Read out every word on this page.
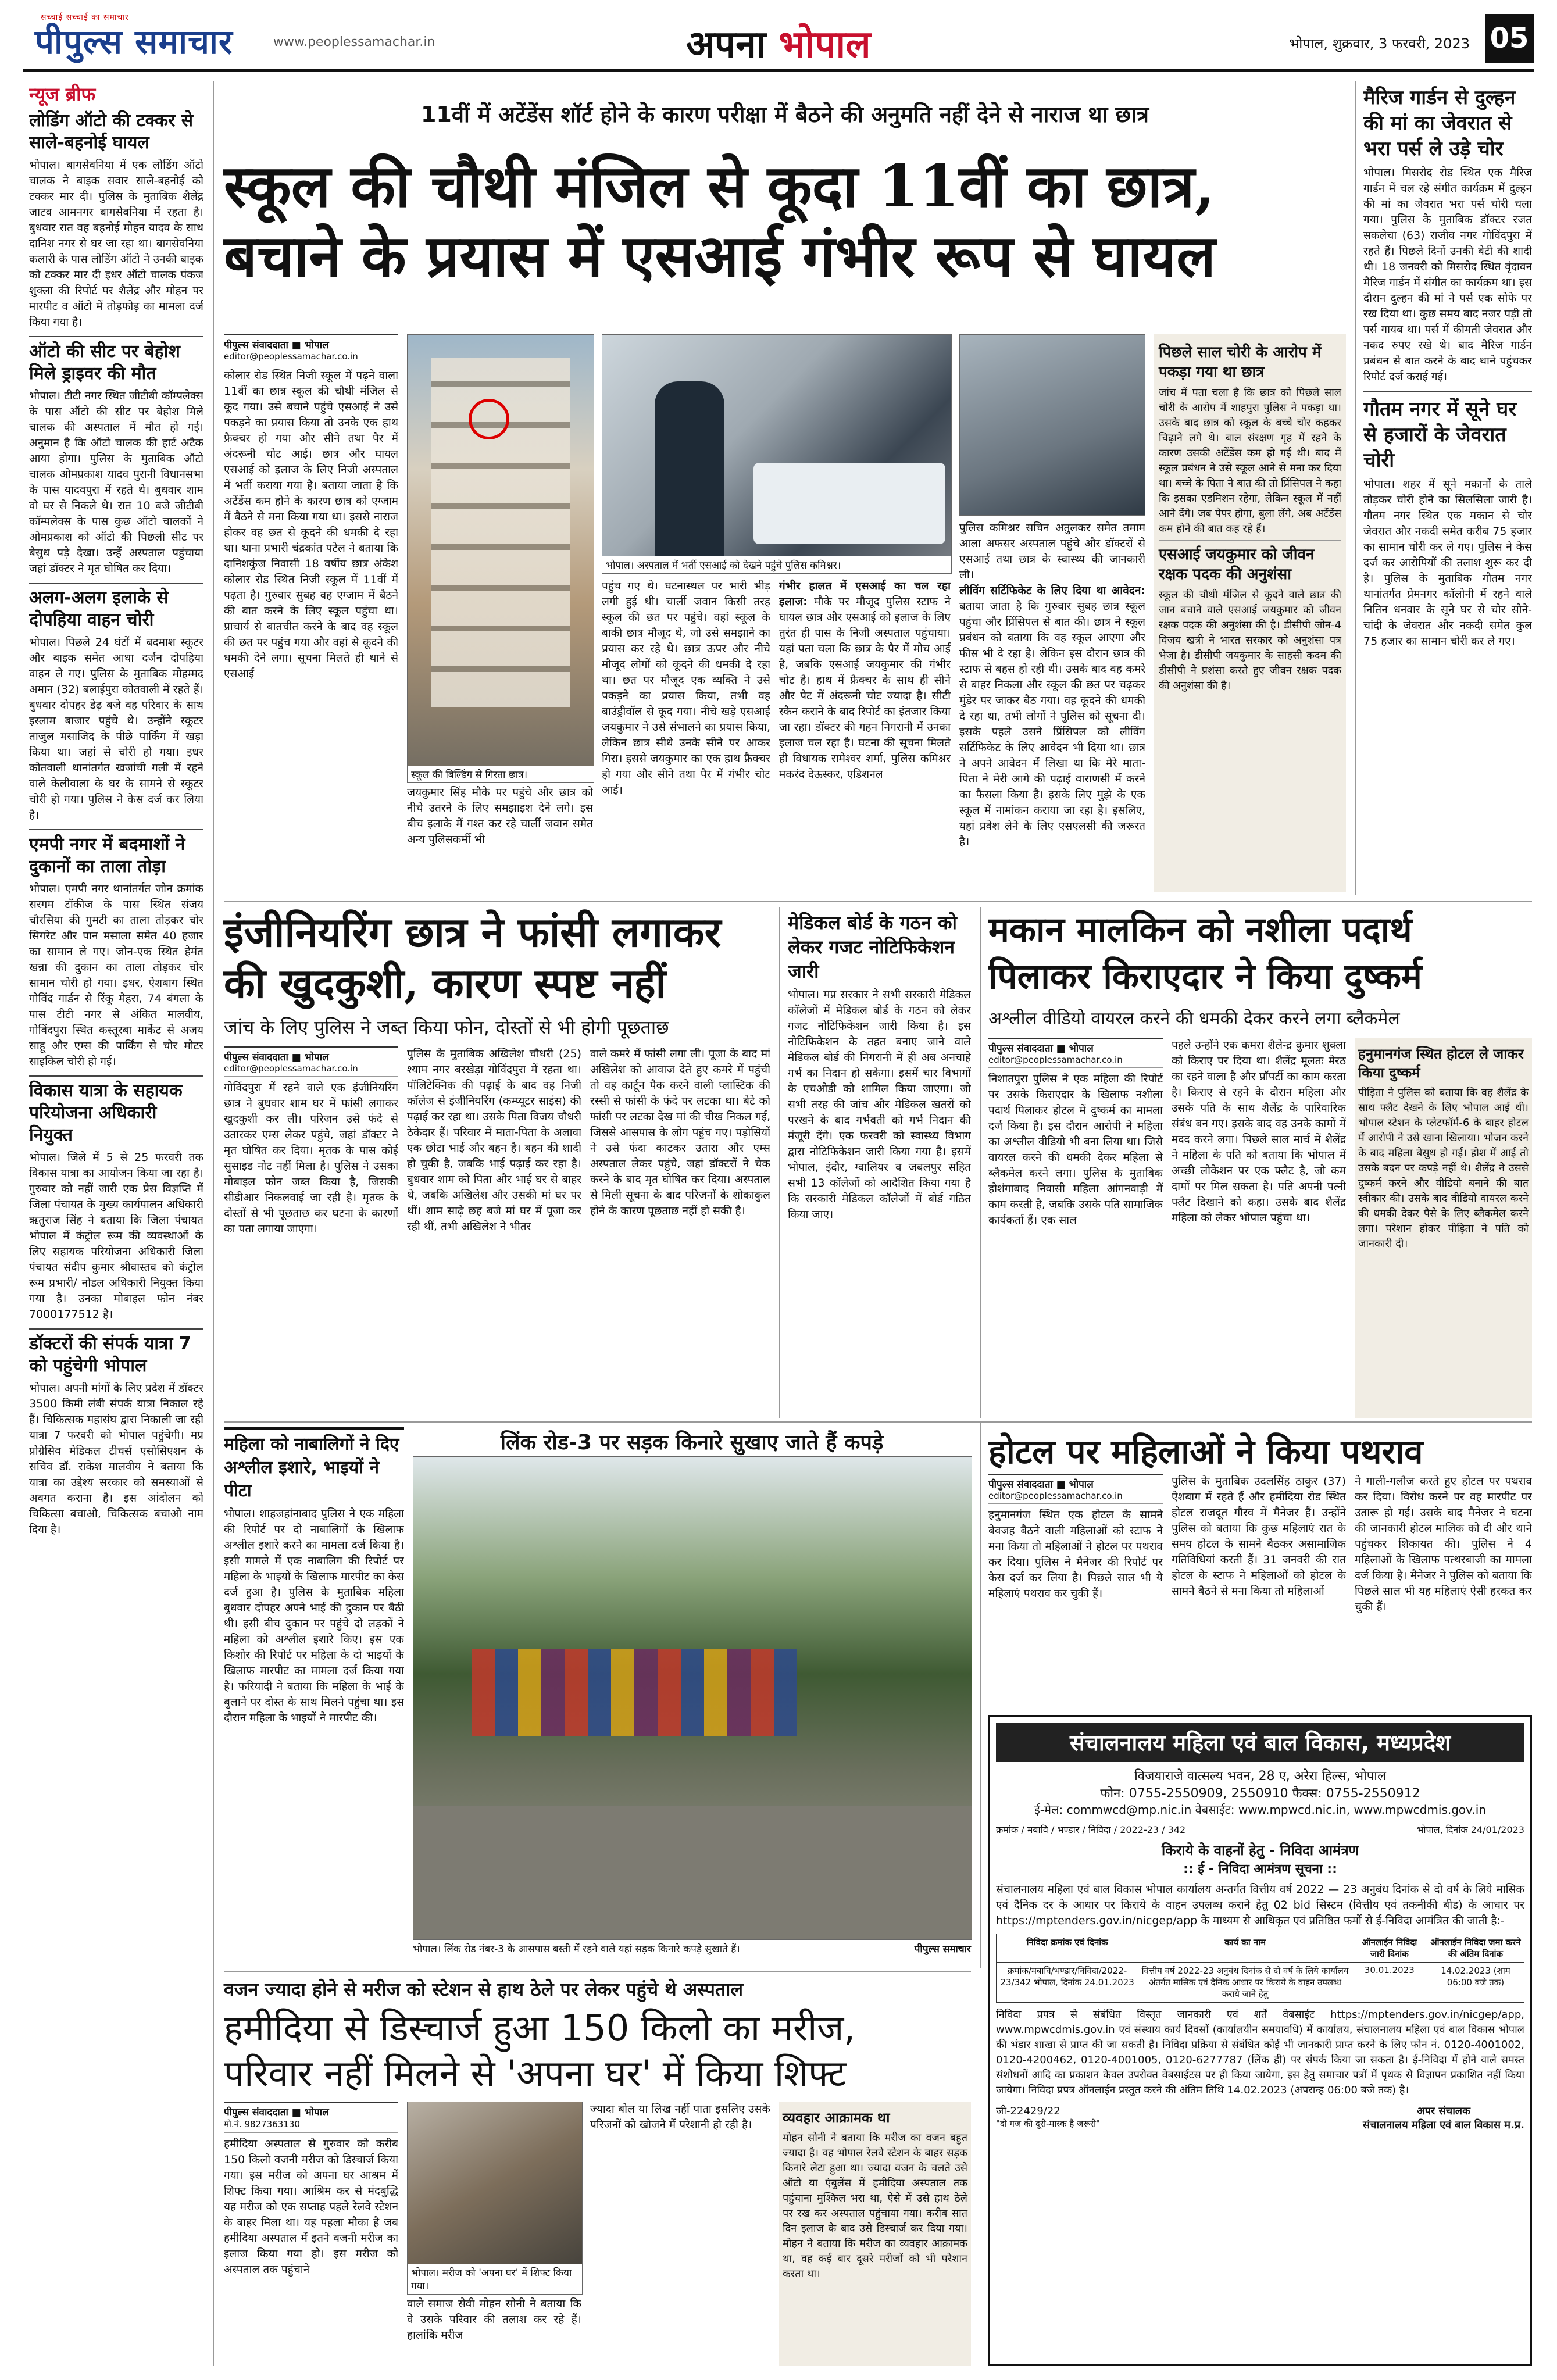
सच्चाई सच्चाई का समाचार
पीपुल्स समाचार	www.peoplessamachar.in	अपना भोपाल	भोपाल, शुक्रवार, 3 फरवरी, 2023 05
न्यूज ब्रीफ
लोडिंग ऑटो की टक्कर से साले-बहनोई घायल

भोपाल। बागसेवनिया में एक लोडिंग ऑटो चालक ने बाइक सवार साले-बहनोई को टक्कर मार दी। पुलिस के मुताबिक शैलेंद्र जाटव आमनगर बागसेवनिया में रहता है। बुधवार रात वह बहनोई मोहन यादव के साथ दानिश नगर से घर जा रहा था। बागसेवनिया कलारी के पास लोडिंग ऑटो ने उनकी बाइक को टक्कर मार दी इधर ऑटो चालक पंकज शुक्ला की रिपोर्ट पर शैलेंद्र और मोहन पर मारपीट व ऑटो में तोड़फोड़ का मामला दर्ज किया गया है।

ऑटो की सीट पर बेहोश मिले ड्राइवर की मौत

भोपाल। टीटी नगर स्थित जीटीबी कॉम्पलेक्स के पास ऑटो की सीट पर बेहोश मिले चालक की अस्पताल में मौत हो गई। अनुमान है कि ऑटो चालक की हार्ट अटैक आया होगा। पुलिस के मुताबिक ऑटो चालक ओमप्रकाश यादव पुरानी विधानसभा के पास यादवपुरा में रहते थे। बुधवार शाम वो घर से निकले थे। रात 10 बजे जीटीबी कॉम्पलेक्स के पास कुछ ऑटो चालकों ने ओमप्रकाश को ऑटो की पिछली सीट पर बेसुध पड़े देखा। उन्हें अस्पताल पहुंचाया जहां डॉक्टर ने मृत घोषित कर दिया।

अलग-अलग इलाके से दोपहिया वाहन चोरी

भोपाल। पिछले 24 घंटों में बदमाश स्कूटर और बाइक समेत आधा दर्जन दोपहिया वाहन ले गए। पुलिस के मुताबिक मोहम्मद अमान (32) बलाईपुरा कोतवाली में रहते हैं। बुधवार दोपहर डेढ़ बजे वह परिवार के साथ इस्लाम बाजार पहुंचे थे। उन्होंने स्कूटर ताजुल मसाजिद के पीछे पार्किंग में खड़ा किया था। जहां से चोरी हो गया। इधर कोतवाली थानांतर्गत खजांची गली में रहने वाले केलीवाला के घर के सामने से स्कूटर चोरी हो गया। पुलिस ने केस दर्ज कर लिया है।

एमपी नगर में बदमाशों ने दुकानों का ताला तोड़ा

भोपाल। एमपी नगर थानांतर्गत जोन क्रमांक सरगम टॉकीज के पास स्थित संजय चौरसिया की गुमटी का ताला तोड़कर चोर सिगरेट और पान मसाला समेत 40 हजार का सामान ले गए। जोन-एक स्थित हेमंत खन्ना की दुकान का ताला तोड़कर चोर सामान चोरी हो गया। इधर, ऐशबाग स्थित गोविंद गार्डन से रिंकू मेहरा, 74 बंगला के पास टीटी नगर से अंकित मालवीय, गोविंदपुरा स्थित कस्तूरबा मार्केट से अजय साहू और एम्स की पार्किंग से चोर मोटर साइकिल चोरी हो गई।

विकास यात्रा के सहायक परियोजना अधिकारी नियुक्त

भोपाल। जिले में 5 से 25 फरवरी तक विकास यात्रा का आयोजन किया जा रहा है। गुरुवार को नहीं जारी एक प्रेस विज्ञप्ति में जिला पंचायत के मुख्य कार्यपालन अधिकारी ऋतुराज सिंह ने बताया कि जिला पंचायत भोपाल में कंट्रोल रूम की व्यवस्थाओं के लिए सहायक परियोजना अधिकारी जिला पंचायत संदीप कुमार श्रीवास्तव को कंट्रोल रूम प्रभारी/ नोडल अधिकारी नियुक्त किया गया है। उनका मोबाइल फोन नंबर 7000177512 है।

डॉक्टरों की संपर्क यात्रा 7 को पहुंचेगी भोपाल

भोपाल। अपनी मांगों के लिए प्रदेश में डॉक्टर 3500 किमी लंबी संपर्क यात्रा निकाल रहे हैं। चिकित्सक महासंघ द्वारा निकाली जा रही यात्रा 7 फरवरी को भोपाल पहुंचेगी। मप्र प्रोग्रेसिव मेडिकल टीचर्स एसोसिएशन के सचिव डॉ. राकेश मालवीय ने बताया कि यात्रा का उद्देश्य सरकार को समस्याओं से अवगत कराना है। इस आंदोलन को चिकित्सा बचाओ, चिकित्सक बचाओ नाम दिया है।

11वीं में अटेंडेंस शॉर्ट होने के कारण परीक्षा में बैठने की अनुमति नहीं देने से नाराज था छात्र
स्कूल की चौथी मंजिल से कूदा 11वीं का छात्र,
बचाने के प्रयास में एसआई गंभीर रूप से घायल
पीपुल्स संवाददाता ■ भोपाल
editor@peoplessamachar.co.in

कोलार रोड स्थित निजी स्कूल में पढ़ने वाला 11वीं का छात्र स्कूल की चौथी मंजिल से कूद गया। उसे बचाने पहुंचे एसआई ने उसे पकड़ने का प्रयास किया तो उनके एक हाथ फ्रैक्चर हो गया और सीने तथा पैर में अंदरूनी चोट आई। छात्र और घायल एसआई को इलाज के लिए निजी अस्पताल में भर्ती कराया गया है। बताया जाता है कि अटेंडेंस कम होने के कारण छात्र को एग्जाम में बैठने से मना किया गया था। इससे नाराज होकर वह छत से कूदने की धमकी दे रहा था। थाना प्रभारी चंद्रकांत पटेल ने बताया कि दानिशकुंज निवासी 18 वर्षीय छात्र अंकेश कोलार रोड स्थित निजी स्कूल में 11वीं में पढ़ता है। गुरुवार सुबह वह एग्जाम में बैठने की बात करने के लिए स्कूल पहुंचा था। प्राचार्य से बातचीत करने के बाद वह स्कूल की छत पर पहुंच गया और वहां से कूदने की धमकी देने लगा। सूचना मिलते ही थाने से एसआई

स्कूल की बिल्डिंग से गिरता छात्र।

जयकुमार सिंह मौके पर पहुंचे और छात्र को नीचे उतरने के लिए समझाइश देने लगे। इस बीच इलाके में गश्त कर रहे चार्ली जवान समेत अन्य पुलिसकर्मी भी

भोपाल। अस्पताल में भर्ती एसआई को देखने पहुंचे पुलिस कमिश्नर।

पहुंच गए थे। घटनास्थल पर भारी भीड़ लगी हुई थी। चार्ली जवान किसी तरह स्कूल की छत पर पहुंचे। वहां स्कूल के बाकी छात्र मौजूद थे, जो उसे समझाने का प्रयास कर रहे थे। छात्र ऊपर और नीचे मौजूद लोगों को कूदने की धमकी दे रहा था। छत पर मौजूद एक व्यक्ति ने उसे पकड़ने का प्रयास किया, तभी वह बाउंड्रीवॉल से कूद गया। नीचे खड़े एसआई जयकुमार ने उसे संभालने का प्रयास किया, लेकिन छात्र सीधे उनके सीने पर आकर गिरा। इससे जयकुमार का एक हाथ फ्रैक्चर हो गया और सीने तथा पैर में गंभीर चोट आई।

गंभीर हालत में एसआई का चल रहा इलाज: मौके पर मौजूद पुलिस स्टाफ ने घायल छात्र और एसआई को इलाज के लिए तुरंत ही पास के निजी अस्पताल पहुंचाया। यहां पता चला कि छात्र के पैर में मोच आई है, जबकि एसआई जयकुमार की गंभीर चोट है। हाथ में फ्रैक्चर के साथ ही सीने और पेट में अंदरूनी चोट ज्यादा है। सीटी स्कैन कराने के बाद रिपोर्ट का इंतजार किया जा रहा। डॉक्टर की गहन निगरानी में उनका इलाज चल रहा है। घटना की सूचना मिलते ही विधायक रामेश्वर शर्मा, पुलिस कमिश्नर मकरंद देऊस्कर, एडिशनल

पुलिस कमिश्नर सचिन अतुलकर समेत तमाम आला अफसर अस्पताल पहुंचे और डॉक्टरों से एसआई तथा छात्र के स्वास्थ्य की जानकारी ली।

लीविंग सर्टिफिकेट के लिए दिया था आवेदन: बताया जाता है कि गुरुवार सुबह छात्र स्कूल पहुंचा और प्रिंसिपल से बात की। छात्र ने स्कूल प्रबंधन को बताया कि वह स्कूल आएगा और फीस भी दे रहा है। लेकिन इस दौरान छात्र की स्टाफ से बहस हो रही थी। उसके बाद वह कमरे से बाहर निकला और स्कूल की छत पर चढ़कर मुंडेर पर जाकर बैठ गया। वह कूदने की धमकी दे रहा था, तभी लोगों ने पुलिस को सूचना दी। इसके पहले उसने प्रिंसिपल को लीविंग सर्टिफिकेट के लिए आवेदन भी दिया था। छात्र ने अपने आवेदन में लिखा था कि मेरे माता-पिता ने मेरी आगे की पढ़ाई वाराणसी में करने का फैसला किया है। इसके लिए मुझे के एक स्कूल में नामांकन कराया जा रहा है। इसलिए, यहां प्रवेश लेने के लिए एसएलसी की जरूरत है।

पिछले साल चोरी के आरोप में पकड़ा गया था छात्र

जांच में पता चला है कि छात्र को पिछले साल चोरी के आरोप में शाहपुरा पुलिस ने पकड़ा था। उसके बाद छात्र को स्कूल के बच्चे चोर कहकर चिढ़ाने लगे थे। बाल संरक्षण गृह में रहने के कारण उसकी अटेंडेंस कम हो गई थी। बाद में स्कूल प्रबंधन ने उसे स्कूल आने से मना कर दिया था। बच्चे के पिता ने बात की तो प्रिंसिपल ने कहा कि इसका एडमिशन रहेगा, लेकिन स्कूल में नहीं आने देंगे। जब पेपर होगा, बुला लेंगे, अब अटेंडेंस कम होने की बात कह रहे हैं।

एसआई जयकुमार को जीवन रक्षक पदक की अनुशंसा

स्कूल की चौथी मंजिल से कूदने वाले छात्र की जान बचाने वाले एसआई जयकुमार को जीवन रक्षक पदक की अनुशंसा की है। डीसीपी जोन-4 विजय खत्री ने भारत सरकार को अनुशंसा पत्र भेजा है। डीसीपी जयकुमार के साहसी कदम की डीसीपी ने प्रशंसा करते हुए जीवन रक्षक पदक की अनुशंसा की है।

मैरिज गार्डन से दुल्हन की मां का जेवरात से भरा पर्स ले उड़े चोर

भोपाल। मिसरोद रोड स्थित एक मैरिज गार्डन में चल रहे संगीत कार्यक्रम में दुल्हन की मां का जेवरात भरा पर्स चोरी चला गया। पुलिस के मुताबिक डॉक्टर रजत सकलेचा (63) राजीव नगर गोविंदपुरा में रहते हैं। पिछले दिनों उनकी बेटी की शादी थी। 18 जनवरी को मिसरोद स्थित वृंदावन मैरिज गार्डन में संगीत का कार्यक्रम था। इस दौरान दुल्हन की मां ने पर्स एक सोफे पर रख दिया था। कुछ समय बाद नजर पड़ी तो पर्स गायब था। पर्स में कीमती जेवरात और नकद रुपए रखे थे। बाद मैरिज गार्डन प्रबंधन से बात करने के बाद थाने पहुंचकर रिपोर्ट दर्ज कराई गई।

गौतम नगर में सूने घर से हजारों के जेवरात चोरी

भोपाल। शहर में सूने मकानों के ताले तोड़कर चोरी होने का सिलसिला जारी है। गौतम नगर स्थित एक मकान से चोर जेवरात और नकदी समेत करीब 75 हजार का सामान चोरी कर ले गए। पुलिस ने केस दर्ज कर आरोपियों की तलाश शुरू कर दी है। पुलिस के मुताबिक गौतम नगर थानांतर्गत प्रेमनगर कॉलोनी में रहने वाले नितिन धनवार के सूने घर से चोर सोने-चांदी के जेवरात और नकदी समेत कुल 75 हजार का सामान चोरी कर ले गए।

इंजीनियरिंग छात्र ने फांसी लगाकर
की खुदकुशी, कारण स्पष्ट नहीं
जांच के लिए पुलिस ने जब्त किया फोन, दोस्तों से भी होगी पूछताछ
पीपुल्स संवाददाता ■ भोपाल
editor@peoplessamachar.co.in

गोविंदपुरा में रहने वाले एक इंजीनियरिंग छात्र ने बुधवार शाम घर में फांसी लगाकर खुदकुशी कर ली। परिजन उसे फंदे से उतारकर एम्स लेकर पहुंचे, जहां डॉक्टर ने मृत घोषित कर दिया। मृतक के पास कोई सुसाइड नोट नहीं मिला है। पुलिस ने उसका मोबाइल फोन जब्त किया है, जिसकी सीडीआर निकलवाई जा रही है। मृतक के दोस्तों से भी पूछताछ कर घटना के कारणों का पता लगाया जाएगा।

पुलिस के मुताबिक अखिलेश चौधरी (25) श्याम नगर बरखेड़ा गोविंदपुरा में रहता था। पॉलिटेक्निक की पढ़ाई के बाद वह निजी कॉलेज से इंजीनियरिंग (कम्प्यूटर साइंस) की पढ़ाई कर रहा था। उसके पिता विजय चौधरी ठेकेदार हैं। परिवार में माता-पिता के अलावा एक छोटा भाई और बहन है। बहन की शादी हो चुकी है, जबकि भाई पढ़ाई कर रहा है। बुधवार शाम को पिता और भाई घर से बाहर थे, जबकि अखिलेश और उसकी मां घर पर थीं। शाम साढ़े छह बजे मां घर में पूजा कर रही थीं, तभी अखिलेश ने भीतर

वाले कमरे में फांसी लगा ली। पूजा के बाद मां अखिलेश को आवाज देते हुए कमरे में पहुंची तो वह कार्टून पैक करने वाली प्लास्टिक की रस्सी से फांसी के फंदे पर लटका था। बेटे को फांसी पर लटका देख मां की चीख निकल गई, जिससे आसपास के लोग पहुंच गए। पड़ोसियों ने उसे फंदा काटकर उतारा और एम्स अस्पताल लेकर पहुंचे, जहां डॉक्टरों ने चेक करने के बाद मृत घोषित कर दिया। अस्पताल से मिली सूचना के बाद परिजनों के शोकाकुल होने के कारण पूछताछ नहीं हो सकी है।

मेडिकल बोर्ड के गठन को लेकर गजट नोटिफिकेशन जारी

भोपाल। मप्र सरकार ने सभी सरकारी मेडिकल कॉलेजों में मेडिकल बोर्ड के गठन को लेकर गजट नोटिफिकेशन जारी किया है। इस नोटिफिकेशन के तहत बनाए जाने वाले मेडिकल बोर्ड की निगरानी में ही अब अनचाहे गर्भ का निदान हो सकेगा। इसमें चार विभागों के एचओडी को शामिल किया जाएगा। जो सभी तरह की जांच और मेडिकल खतरों को परखने के बाद गर्भवती को गर्भ निदान की मंजूरी देंगे। एक फरवरी को स्वास्थ्य विभाग द्वारा नोटिफिकेशन जारी किया गया है। इसमें भोपाल, इंदौर, ग्वालियर व जबलपुर सहित सभी 13 कॉलेजों को आदेशित किया गया है कि सरकारी मेडिकल कॉलेजों में बोर्ड गठित किया जाए।

मकान मालकिन को नशीला पदार्थ
पिलाकर किराएदार ने किया दुष्कर्म
अश्लील वीडियो वायरल करने की धमकी देकर करने लगा ब्लैकमेल
पीपुल्स संवाददाता ■ भोपाल
editor@peoplessamachar.co.in

निशातपुरा पुलिस ने एक महिला की रिपोर्ट पर उसके किराएदार के खिलाफ नशीला पदार्थ पिलाकर होटल में दुष्कर्म का मामला दर्ज किया है। इस दौरान आरोपी ने महिला का अश्लील वीडियो भी बना लिया था। जिसे वायरल करने की धमकी देकर महिला से ब्लैकमेल करने लगा। पुलिस के मुताबिक होशंगाबाद निवासी महिला आंगनवाड़ी में काम करती है, जबकि उसके पति सामाजिक कार्यकर्ता हैं। एक साल

पहले उन्होंने एक कमरा शैलेन्द्र कुमार शुक्ला को किराए पर दिया था। शैलेंद्र मूलतः मेरठ का रहने वाला है और प्रॉपर्टी का काम करता है। किराए से रहने के दौरान महिला और उसके पति के साथ शैलेंद्र के पारिवारिक संबंध बन गए। इसके बाद वह उनके कामों में मदद करने लगा। पिछले साल मार्च में शैलेंद्र ने महिला के पति को बताया कि भोपाल में अच्छी लोकेशन पर एक फ्लैट है, जो कम दामों पर मिल सकता है। पति अपनी पत्नी फ्लैट दिखाने को कहा। उसके बाद शैलेंद्र महिला को लेकर भोपाल पहुंचा था।

हनुमानगंज स्थित होटल ले जाकर किया दुष्कर्म

पीड़िता ने पुलिस को बताया कि वह शैलेंद्र के साथ फ्लैट देखने के लिए भोपाल आई थी। भोपाल स्टेशन के प्लेटफॉर्म-6 के बाहर होटल में आरोपी ने उसे खाना खिलाया। भोजन करने के बाद महिला बेसुध हो गई। होश में आई तो उसके बदन पर कपड़े नहीं थे। शैलेंद्र ने उससे दुष्कर्म करने और वीडियो बनाने की बात स्वीकार की। उसके बाद वीडियो वायरल करने की धमकी देकर पैसे के लिए ब्लैकमेल करने लगा। परेशान होकर पीड़िता ने पति को जानकारी दी।

महिला को नाबालिगों ने दिए अश्लील इशारे, भाइयों ने पीटा

भोपाल। शाहजहांनाबाद पुलिस ने एक महिला की रिपोर्ट पर दो नाबालिगों के खिलाफ अश्लील इशारे करने का मामला दर्ज किया है। इसी मामले में एक नाबालिग की रिपोर्ट पर महिला के भाइयों के खिलाफ मारपीट का केस दर्ज हुआ है। पुलिस के मुताबिक महिला बुधवार दोपहर अपने भाई की दुकान पर बैठी थी। इसी बीच दुकान पर पहुंचे दो लड़कों ने महिला को अश्लील इशारे किए। इस एक किशोर की रिपोर्ट पर महिला के दो भाइयों के खिलाफ मारपीट का मामला दर्ज किया गया है। फरियादी ने बताया कि महिला के भाई के बुलाने पर दोस्त के साथ मिलने पहुंचा था। इस दौरान महिला के भाइयों ने मारपीट की।

लिंक रोड-3 पर सड़क किनारे सुखाए जाते हैं कपड़े
भोपाल। लिंक रोड नंबर-3 के आसपास बस्ती में रहने वाले यहां सड़क किनारे कपड़े सुखाते हैं।	पीपुल्स समाचार
होटल पर महिलाओं ने किया पथराव
पीपुल्स संवाददाता ■ भोपाल
editor@peoplessamachar.co.in

हनुमानगंज स्थित एक होटल के सामने बेवजह बैठने वाली महिलाओं को स्टाफ ने मना किया तो महिलाओं ने होटल पर पथराव कर दिया। पुलिस ने मैनेजर की रिपोर्ट पर केस दर्ज कर लिया है। पिछले साल भी ये महिलाएं पथराव कर चुकी हैं।

पुलिस के मुताबिक उदलसिंह ठाकुर (37) ऐशबाग में रहते हैं और हमीदिया रोड स्थित होटल राजदूत गौरव में मैनेजर हैं। उन्होंने पुलिस को बताया कि कुछ महिलाएं रात के समय होटल के सामने बैठकर असामाजिक गतिविधियां करती हैं। 31 जनवरी की रात होटल के स्टाफ ने महिलाओं को होटल के सामने बैठने से मना किया तो महिलाओं

ने गाली-गलौज करते हुए होटल पर पथराव कर दिया। विरोध करने पर वह मारपीट पर उतारू हो गईं। उसके बाद मैनेजर ने घटना की जानकारी होटल मालिक को दी और थाने पहुंचकर शिकायत की। पुलिस ने 4 महिलाओं के खिलाफ पत्थरबाजी का मामला दर्ज किया है। मैनेजर ने पुलिस को बताया कि पिछले साल भी यह महिलाएं ऐसी हरकत कर चुकी हैं।

संचालनालय महिला एवं बाल विकास, मध्यप्रदेश
विजयाराजे वात्सल्य भवन, 28 ए, अरेरा हिल्स, भोपाल
फोन: 0755-2550909, 2550910 फैक्स: 0755-2550912
ई-मेल: commwcd@mp.nic.in वेबसाईट: www.mpwcd.nic.in, www.mpwcdmis.gov.in
क्रमांक / मबावि / भण्डार / निविदा / 2022-23 / 342	भोपाल, दिनांक 24/01/2023
किराये के वाहनों हेतु - निविदा आमंत्रण
:: ई - निविदा आमंत्रण सूचना ::

संचालनालय महिला एवं बाल विकास भोपाल कार्यालय अन्तर्गत वित्तीय वर्ष 2022 — 23 अनुबंध दिनांक से दो वर्ष के लिये मासिक एवं दैनिक दर के आधार पर किराये के वाहन उपलब्ध कराने हेतु 02 bid सिस्टम (वित्तीय एवं तकनीकी बीड) के आधार पर https://mptenders.gov.in/nicgep/app के माध्यम से आधिकृत एवं प्रतिष्ठित फर्मो से ई-निविदा आमंत्रित की जाती है:-

निविदा क्रमांक एवं दिनांक	कार्य का नाम	ऑनलाईन निविदा जारी दिनांक	ऑनलाईन निविदा जमा करने की अंतिम दिनांक
क्रमांक/मबावि/भण्डार/निविदा/2022-23/342 भोपाल, दिनांक 24.01.2023	वित्तीय वर्ष 2022-23 अनुबंध दिनांक से दो वर्ष के लिये कार्यालय अंतर्गत मासिक एवं दैनिक आधार पर किराये के वाहन उपलब्ध कराये जाने हेतु	30.01.2023	14.02.2023 (शाम 06:00 बजे तक)

निविदा प्रपत्र से संबंधित विस्तृत जानकारी एवं शर्तें वेबसाईट https://mptenders.gov.in/nicgep/app, www.mpwcdmis.gov.in एवं संस्थाय कार्य दिवसों (कार्यालयीन समयावधि) में कार्यालय, संचालनालय महिला एवं बाल विकास भोपाल की भंडार शाखा से प्राप्त की जा सकती है। निविदा प्रक्रिया से संबंधित कोई भी जानकारी प्राप्त करने के लिए फोन नं. 0120-4001002, 0120-4200462, 0120-4001005, 0120-6277787 (लिंक ही) पर संपर्क किया जा सकता है। ई-निविदा में होने वाले समस्त संशोधनों आदि का प्रकाशन केवल उपरोक्त वेबसाईटस पर ही किया जायेगा, इस हेतु समाचार पत्रों में पृथक से विज्ञापन प्रकाशित नहीं किया जायेगा। निविदा प्रपत्र ऑनलाईन प्रस्तुत करने की अंतिम तिथि 14.02.2023 (अपरान्ह 06:00 बजे तक) है।

जी-22429/22
"दो गज की दूरी-मास्क है जरूरी"
अपर संचालक
संचालनालय महिला एवं बाल विकास म.प्र.
वजन ज्यादा होने से मरीज को स्टेशन से हाथ ठेले पर लेकर पहुंचे थे अस्पताल
हमीदिया से डिस्चार्ज हुआ 150 किलो का मरीज,
परिवार नहीं मिलने से 'अपना घर' में किया शिफ्ट
पीपुल्स संवाददाता ■ भोपाल
मो.नं. 9827363130

हमीदिया अस्पताल से गुरुवार को करीब 150 किलो वजनी मरीज को डिस्चार्ज किया गया। इस मरीज को अपना घर आश्रम में शिफ्ट किया गया। आश्रिम कर से मंदबुद्धि यह मरीज को एक सप्ताह पहले रेलवे स्टेशन के बाहर मिला था। यह पहला मौका है जब हमीदिया अस्पताल में इतने वजनी मरीज का इलाज किया गया हो। इस मरीज को अस्पताल तक पहुंचाने	भोपाल। मरीज को 'अपना घर' में शिफ्ट किया गया।

वाले समाज सेवी मोहन सोनी ने बताया कि वे उसके परिवार की तलाश कर रहे हैं। हालांकि मरीज

ज्यादा बोल या लिख नहीं पाता इसलिए उसके परिजनों को खोजने में परेशानी हो रही है।	व्यवहार आक्रामक था

मोहन सोनी ने बताया कि मरीज का वजन बहुत ज्यादा है। वह भोपाल रेलवे स्टेशन के बाहर सड़क किनारे लेटा हुआ था। ज्यादा वजन के चलते उसे ऑटो या एंबुलेंस में हमीदिया अस्पताल तक पहुंचाना मुश्किल भरा था, ऐसे में उसे हाथ ठेले पर रख कर अस्पताल पहुंचाया गया। करीब सात दिन इलाज के बाद उसे डिस्चार्ज कर दिया गया। मोहन ने बताया कि मरीज का व्यवहार आक्रामक था, वह कई बार दूसरे मरीजों को भी परेशान करता था।
